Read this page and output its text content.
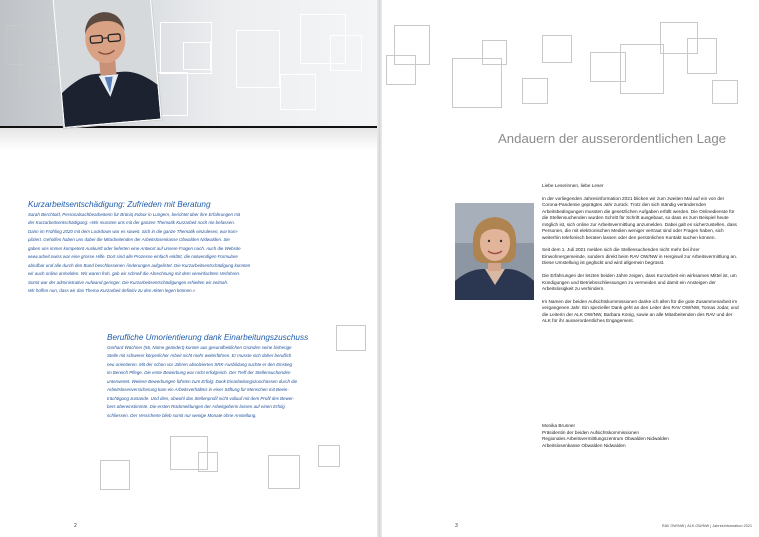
Kurzarbeitsentschädigung: Zufrieden mit Beratung

Sarah Berchtold, Personalsachbearbeiterin für Brüniq Indoor in Lungern, berichtet über ihre Erfahrungen mit

der Kurzarbeitsentschädigung: «Wir mussten uns mit der ganzen Thematik Kurzarbeit noch nie befassen.

Dann im Frühling 2020 mit dem Lockdown war es soweit. Sich in die ganze Thematik einzulesen, war kom-

pliziert. Geholfen haben uns dabei die Mitarbeitenden der Arbeitslosenkasse Obwalden Nidwalden. Sie

gaben uns immer kompetent Auskunft oder lieferten eine Antwort auf unsere Fragen nach. Auch die Website

www.arbeit.swiss war eine grosse Hilfe. Dort sind alle Prozesse einfach erklärt, die notwendigen Formulare

abrufbar und alle durch den Bund beschlossenen Änderungen aufgelistet. Die Kurzarbeitsentschädigung konnten

wir auch online anmelden. Wir waren froh, gab wir schnell die Abrechnung mit dem vereinfachten Verfahren.

Somit war der administrative Aufwand geringer. Die Kurzarbeitsentschädigungen erhielten wir zeitnah.

Wir hoffen nun, dass wir das Thema Kurzarbeit definitiv zu den Akten legen können.»

Berufliche Umorientierung dank Einarbeitungszuschuss

Gerhard Wüchner (56, Name geändert) konnte aus gesundheitlichen Gründen seine bisherige

Stelle mit schwerer körperlicher Arbeit nicht mehr weiterführen. Er musste sich daher beruflich

neu orientieren. Mit der schon vor Jahren absolvierten SRK-Ausbildung suchte er den Einstieg

im Bereich Pflege. Die erste Bewerbung war nicht erfolgreich. Der Treff der Stellensuchenden

unterwertet. Weitere Bewerbungen führten zum Erfolg: Dank Einarbeitungszuschüssen durch die

Arbeitslosenversicherung kam ein Arbeitsverhältnis in einer Stiftung für Menschen mit Beein-

trächtigung zustande. Und dies, obwohl das Stellenprofil nicht vollauf mit dem Profil des Bewer-

bers übereinstimmte. Die ersten Rückmeldungen der Arbeitgeberin lassen auf einen Erfolg

schliessen. Der Versicherte blieb somit nur wenige Monate ohne Anstellung.

2
Andauern der ausserordentlichen Lage

Liebe Leserinnen, liebe Leser

In der vorliegenden Jahresinformation 2021 blicken wir zum zweiten Mal auf ein von der Corona-Pandemie geprägtes Jahr zurück. Trotz den sich ständig verändernden Arbeitsbedingungen mussten die gesetzlichen Aufgaben erfüllt werden. Die Onlinedienste für die Stellensuchenden wurden Schritt für Schritt ausgebaut, so dass es zum Beispiel heute möglich ist, sich online zur Arbeitsvermittlung anzumelden. Dabei galt es sicherzustellen, dass Personen, die mit elektronischen Medien weniger vertraut sind oder Fragen haben, sich weiterhin telefonisch beraten lassen oder den persönlichen Kontakt suchen können.

Seit dem 1. Juli 2021 melden sich die Stellensuchenden nicht mehr bei ihrer Einwohnergemeinde, sondern direkt beim RAV OW/NW in Hergiswil zur Arbeitsvermittlung an. Diese Umstellung ist geglückt und wird allgemein begrüsst.

Die Erfahrungen der letzten beiden Jahre zeigen, dass Kurzarbeit ein wirksames Mittel ist, um Kündigungen und Betriebsschliessungen zu vermeiden und damit ein Ansteigen der Arbeitslosigkeit zu verhindern.

Im Namen der beiden Aufsichtskommissionen danke ich allen für die gute Zusammenarbeit im vergangenen Jahr. Ein spezieller Dank geht an den Leiter des RAV OW/NW, Tomas Jodar, und die Leiterin der ALK OW/NW, Barbara König, sowie an alle Mitarbeitenden des RAV und der ALK für ihr ausserordentliches Engagement.

Monika Brunner
Präsidentin der beiden Aufsichtskommissionen
Regionales Arbeitsvermittlungszentrum Obwalden Nidwalden
Arbeitslosenkasse Obwalden Nidwalden
3	RAV OW/NW | ALK OW/NW | Jahresinformation 2021
